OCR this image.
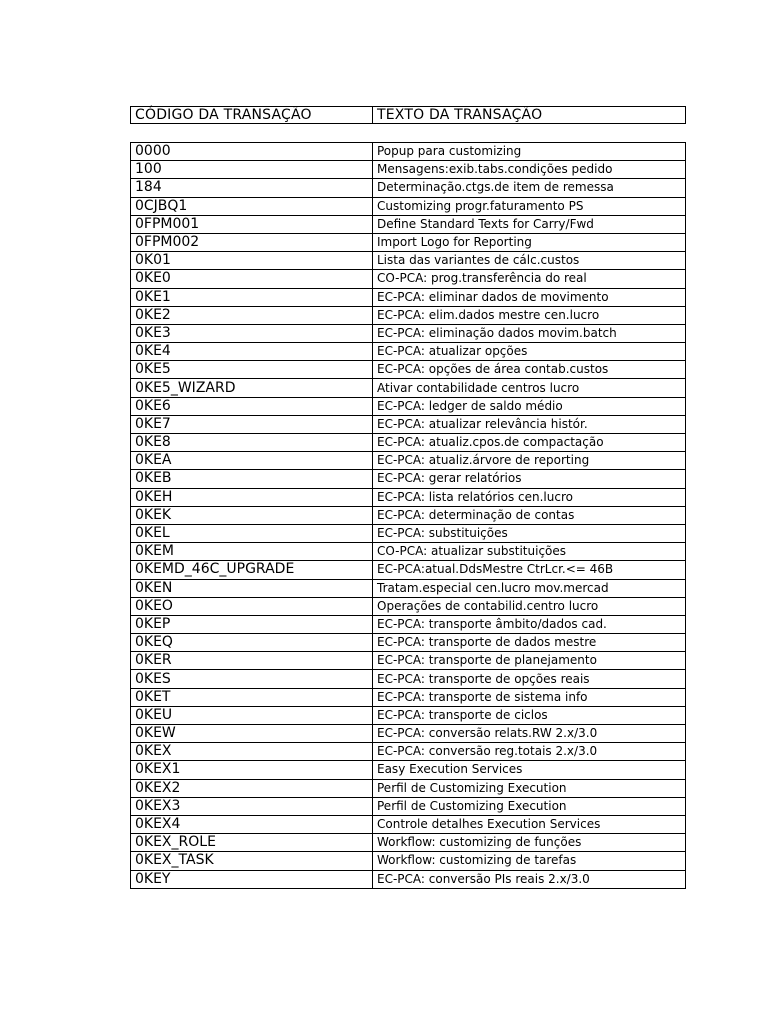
CÓDIGO DA TRANSAÇÃO	TEXTO DA TRANSAÇÃO
0000	Popup para customizing
100	Mensagens:exib.tabs.condições pedido
184	Determinação.ctgs.de item de remessa
0CJBQ1	Customizing progr.faturamento PS
0FPM001	Define Standard Texts for Carry/Fwd
0FPM002	Import Logo for Reporting
0K01	Lista das variantes de cálc.custos
0KE0	CO-PCA: prog.transferência do real
0KE1	EC-PCA: eliminar dados de movimento
0KE2	EC-PCA: elim.dados mestre cen.lucro
0KE3	EC-PCA: eliminação dados movim.batch
0KE4	EC-PCA: atualizar opções
0KE5	EC-PCA: opções de área contab.custos
0KE5_WIZARD	Ativar contabilidade centros lucro
0KE6	EC-PCA: ledger de saldo médio
0KE7	EC-PCA: atualizar relevância histór.
0KE8	EC-PCA: atualiz.cpos.de compactação
0KEA	EC-PCA: atualiz.árvore de reporting
0KEB	EC-PCA: gerar relatórios
0KEH	EC-PCA: lista relatórios cen.lucro
0KEK	EC-PCA: determinação de contas
0KEL	EC-PCA: substituições
0KEM	CO-PCA: atualizar substituições
0KEMD_46C_UPGRADE	EC-PCA:atual.DdsMestre CtrLcr.<= 46B
0KEN	Tratam.especial cen.lucro mov.mercad
0KEO	Operações de contabilid.centro lucro
0KEP	EC-PCA: transporte âmbito/dados cad.
0KEQ	EC-PCA: transporte de dados mestre
0KER	EC-PCA: transporte de planejamento
0KES	EC-PCA: transporte de opções reais
0KET	EC-PCA: transporte de sistema info
0KEU	EC-PCA: transporte de ciclos
0KEW	EC-PCA: conversão relats.RW 2.x/3.0
0KEX	EC-PCA: conversão reg.totais 2.x/3.0
0KEX1	Easy Execution Services
0KEX2	Perfil de Customizing Execution
0KEX3	Perfil de Customizing Execution
0KEX4	Controle detalhes Execution Services
0KEX_ROLE	Workflow: customizing de funções
0KEX_TASK	Workflow: customizing de tarefas
0KEY	EC-PCA: conversão PIs reais 2.x/3.0
